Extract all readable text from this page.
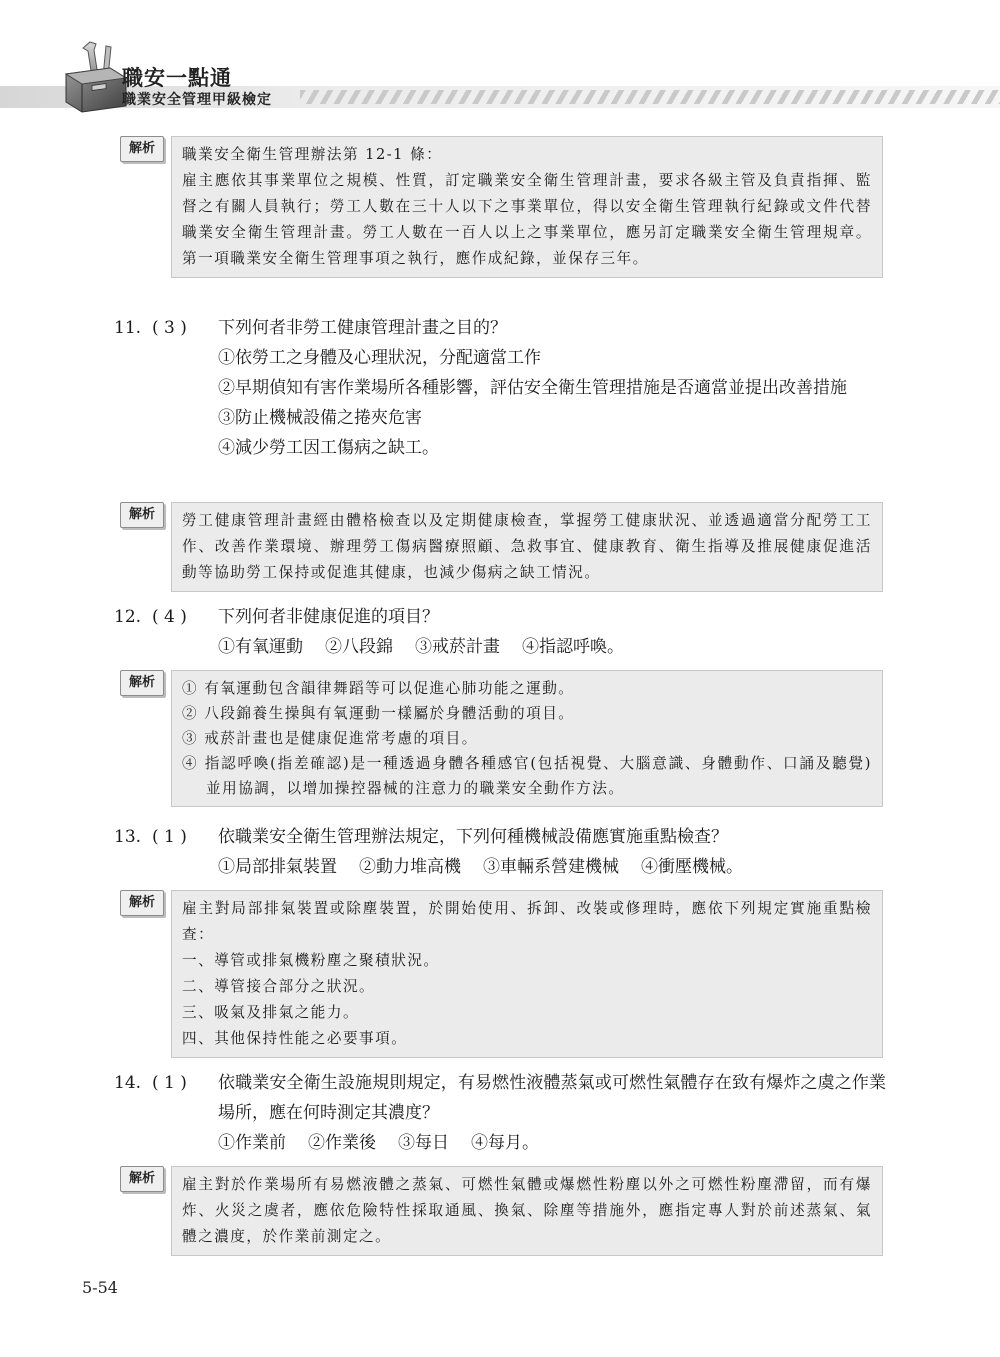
職安一點通
職業安全管理甲級檢定
解析	職業安全衛生管理辦法第 12-1 條：

雇主應依其事業單位之規模、性質，訂定職業安全衛生管理計畫，要求各級主管及負責指揮、監督之有關人員執行；勞工人數在三十人以下之事業單位，得以安全衛生管理執行紀錄或文件代替職業安全衛生管理計畫。勞工人數在一百人以上之事業單位，應另訂定職業安全衛生管理規章。第一項職業安全衛生管理事項之執行，應作成紀錄，並保存三年。

11. ( 3 )	下列何者非勞工健康管理計畫之目的？

①依勞工之身體及心理狀況，分配適當工作

②早期偵知有害作業場所各種影響，評估安全衛生管理措施是否適當並提出改善措施

③防止機械設備之捲夾危害

④減少勞工因工傷病之缺工。

解析	勞工健康管理計畫經由體格檢查以及定期健康檢查，掌握勞工健康狀況、並透過適當分配勞工工作、改善作業環境、辦理勞工傷病醫療照顧、急救事宜、健康教育、衛生指導及推展健康促進活動等協助勞工保持或促進其健康，也減少傷病之缺工情況。

12. ( 4 )	下列何者非健康促進的項目？

①有氧運動 ②八段錦 ③戒菸計畫 ④指認呼喚。

解析	① 有氧運動包含韻律舞蹈等可以促進心肺功能之運動。

② 八段錦養生操與有氧運動一樣屬於身體活動的項目。

③ 戒菸計畫也是健康促進常考慮的項目。

④ 指認呼喚(指差確認)是一種透過身體各種感官(包括視覺、大腦意識、身體動作、口誦及聽覺)並用協調，以增加操控器械的注意力的職業安全動作方法。

13. ( 1 )	依職業安全衛生管理辦法規定，下列何種機械設備應實施重點檢查？

①局部排氣裝置 ②動力堆高機 ③車輛系營建機械 ④衝壓機械。

解析	雇主對局部排氣裝置或除塵裝置，於開始使用、拆卸、改裝或修理時，應依下列規定實施重點檢查：

一、導管或排氣機粉塵之聚積狀況。

二、導管接合部分之狀況。

三、吸氣及排氣之能力。

四、其他保持性能之必要事項。

14. ( 1 )	依職業安全衛生設施規則規定，有易燃性液體蒸氣或可燃性氣體存在致有爆炸之虞之作業場所，應在何時測定其濃度？

①作業前 ②作業後 ③每日 ④每月。

解析	雇主對於作業場所有易燃液體之蒸氣、可燃性氣體或爆燃性粉塵以外之可燃性粉塵滯留，而有爆炸、火災之虞者，應依危險特性採取通風、換氣、除塵等措施外，應指定專人對於前述蒸氣、氣體之濃度，於作業前測定之。

5-54
